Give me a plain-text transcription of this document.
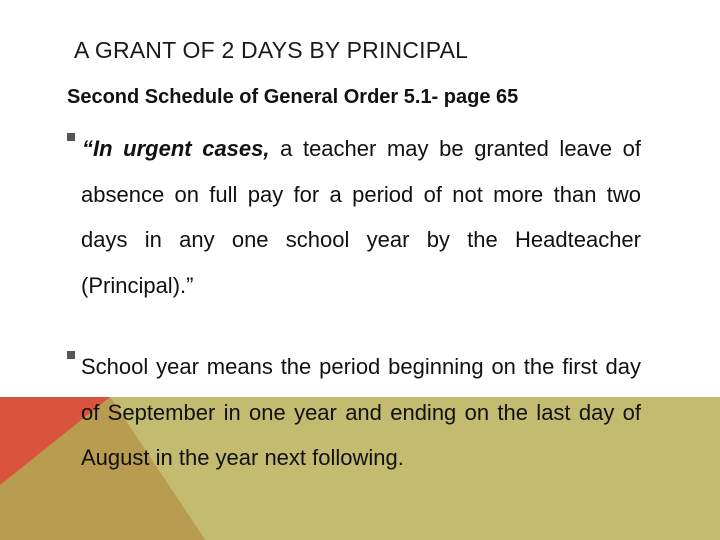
A GRANT OF 2 DAYS BY PRINCIPAL
Second Schedule of General Order 5.1- page 65

“In urgent cases, a teacher may be granted leave of absence on full pay for a period of not more than two days in any one school year by the Headteacher (Principal).”

School year means the period beginning on the first day of September in one year and ending on the last day of August in the year next following.
